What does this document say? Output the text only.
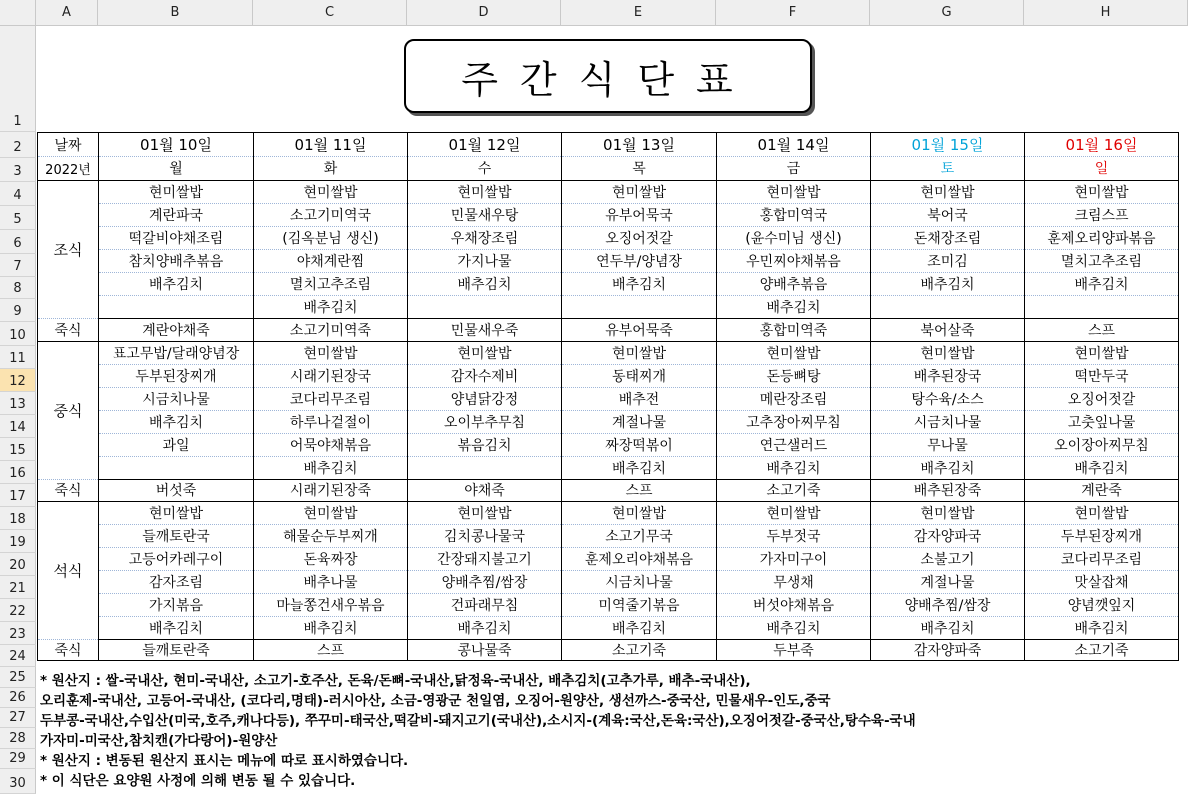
A	B	C	D	E	F	G	H
1
2
3
4
5
6
7
8
9
10
11
12
13
14
15
16
17
18
19
20
21
22
23
24
25
26
27
28
29
30
주간식단표
날짜	01월 10일	01월 11일	01월 12일	01월 13일	01월 14일	01월 15일	01월 16일
2022년	월	화	수	목	금	토	일
조식	현미쌀밥	현미쌀밥	현미쌀밥	현미쌀밥	현미쌀밥	현미쌀밥	현미쌀밥
	계란파국	소고기미역국	민물새우탕	유부어묵국	홍합미역국	북어국	크림스프
	떡갈비야채조림	(김옥분님 생신)	우채장조림	오징어젓갈	(윤수미님 생신)	돈채장조림	훈제오리양파볶음
	참치양배추볶음	야채계란찜	가지나물	연두부/양념장	우민찌야채볶음	조미김	멸치고추조림
	배추김치	멸치고추조림	배추김치	배추김치	양배추볶음	배추김치	배추김치
		배추김치			배추김치		
죽식	계란야채죽	소고기미역죽	민물새우죽	유부어묵죽	홍합미역죽	북어살죽	스프
중식	표고무밥/달래양념장	현미쌀밥	현미쌀밥	현미쌀밥	현미쌀밥	현미쌀밥	현미쌀밥
	두부된장찌개	시래기된장국	감자수제비	동태찌개	돈등뼈탕	배추된장국	떡만두국
	시금치나물	코다리무조림	양념닭강정	배추전	메란장조림	탕수육/소스	오징어젓갈
	배추김치	하루나겉절이	오이부추무침	계절나물	고추장아찌무침	시금치나물	고춧잎나물
	과일	어묵야채볶음	볶음김치	짜장떡볶이	연근샐러드	무나물	오이장아찌무침
		배추김치		배추김치	배추김치	배추김치	배추김치
죽식	버섯죽	시래기된장죽	야채죽	스프	소고기죽	배추된장죽	계란죽
석식	현미쌀밥	현미쌀밥	현미쌀밥	현미쌀밥	현미쌀밥	현미쌀밥	현미쌀밥
	들깨토란국	해물순두부찌개	김치콩나물국	소고기무국	두부젓국	감자양파국	두부된장찌개
	고등어카레구이	돈육짜장	간장돼지불고기	훈제오리야채볶음	가자미구이	소불고기	코다리무조림
	감자조림	배추나물	양배추찜/쌈장	시금치나물	무생채	계절나물	맛살잡채
	가지볶음	마늘쫑건새우볶음	건파래무침	미역줄기볶음	버섯야채볶음	양배추찜/쌈장	양념깻잎지
	배추김치	배추김치	배추김치	배추김치	배추김치	배추김치	배추김치
죽식	들깨토란죽	스프	콩나물죽	소고기죽	두부죽	감자양파죽	소고기죽
* 원산지 : 쌀-국내산, 현미-국내산, 소고기-호주산, 돈육/돈뼈-국내산,닭정육-국내산, 배추김치(고추가루, 배추-국내산),
오리훈제-국내산, 고등어-국내산, (코다리,명태)-러시아산, 소금-영광군 천일염, 오징어-원양산, 생선까스-중국산, 민물새우-인도,중국
두부콩-국내산,수입산(미국,호주,캐나다등), 쭈꾸미-태국산,떡갈비-돼지고기(국내산),소시지-(계육:국산,돈육:국산),오징어젓갈-중국산,탕수육-국내
가자미-미국산,참치캔(가다랑어)-원양산
* 원산지 : 변동된 원산지 표시는 메뉴에 따로 표시하였습니다.
* 이 식단은 요양원 사정에 의해 변동 될 수 있습니다.
